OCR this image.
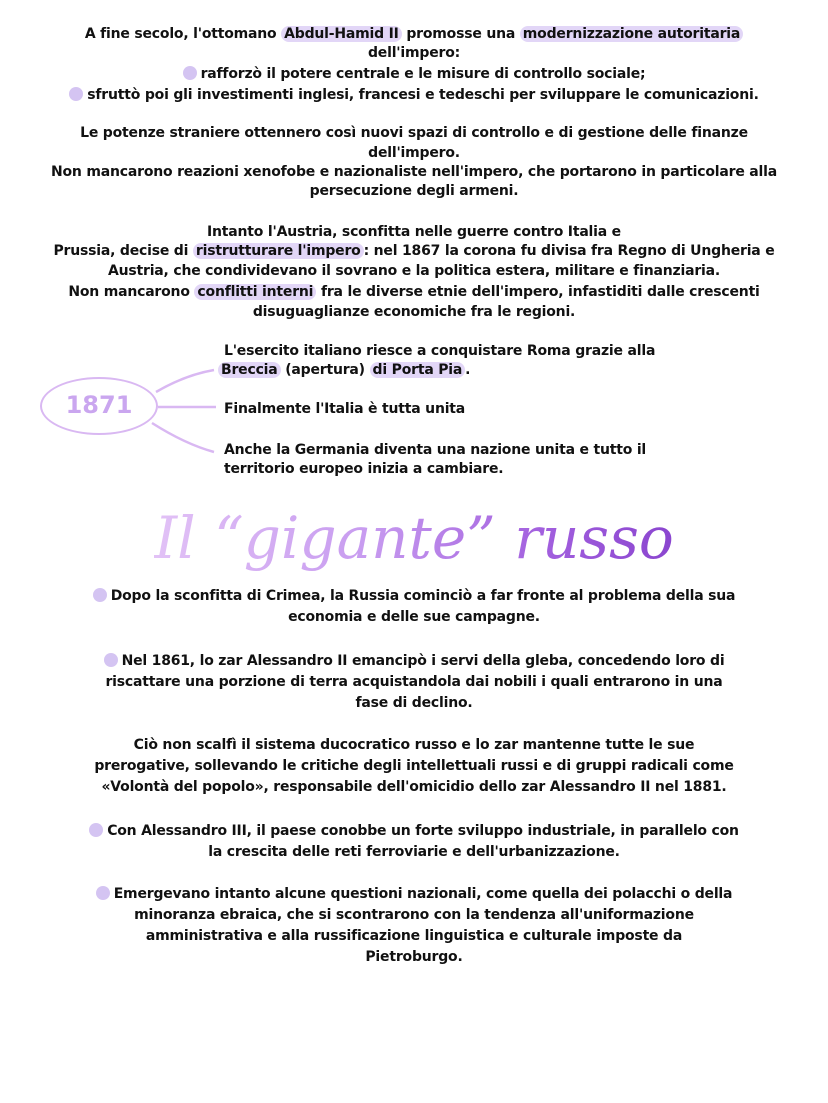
A fine secolo, l'ottomano Abdul-Hamid II promosse una modernizzazione autoritaria
dell'impero:
rafforzò il potere centrale e le misure di controllo sociale;
sfruttò poi gli investimenti inglesi, francesi e tedeschi per sviluppare le comunicazioni.
Le potenze straniere ottennero così nuovi spazi di controllo e di gestione delle finanze
dell'impero.
Non mancarono reazioni xenofobe e nazionaliste nell'impero, che portarono in particolare alla
persecuzione degli armeni.
Intanto l'Austria, sconfitta nelle guerre contro Italia e
Prussia, decise di ristrutturare l'impero : nel 1867 la corona fu divisa fra Regno di Ungheria e
Austria, che condividevano il sovrano e la politica estera, militare e finanziaria.
Non mancarono conflitti interni fra le diverse etnie dell'impero, infastiditi dalle crescenti
disuguaglianze economiche fra le regioni.
1871
L'esercito italiano riesce a conquistare Roma grazie alla
Breccia (apertura) di Porta Pia .
Finalmente l'Italia è tutta unita
Anche la Germania diventa una nazione unita e tutto il
territorio europeo inizia a cambiare.
Il “gigante” russo
Dopo la sconfitta di Crimea, la Russia cominciò a far fronte al problema della sua
economia e delle sue campagne.
Nel 1861, lo zar Alessandro II emancipò i servi della gleba, concedendo loro di
riscattare una porzione di terra acquistandola dai nobili i quali entrarono in una
fase di declino.
Ciò non scalfì il sistema ducocratico russo e lo zar mantenne tutte le sue
prerogative, sollevando le critiche degli intellettuali russi e di gruppi radicali come
«Volontà del popolo», responsabile dell'omicidio dello zar Alessandro II nel 1881.
Con Alessandro III, il paese conobbe un forte sviluppo industriale, in parallelo con
la crescita delle reti ferroviarie e dell'urbanizzazione.
Emergevano intanto alcune questioni nazionali, come quella dei polacchi o della
minoranza ebraica, che si scontrarono con la tendenza all'uniformazione
amministrativa e alla russificazione linguistica e culturale imposte da
Pietroburgo.
